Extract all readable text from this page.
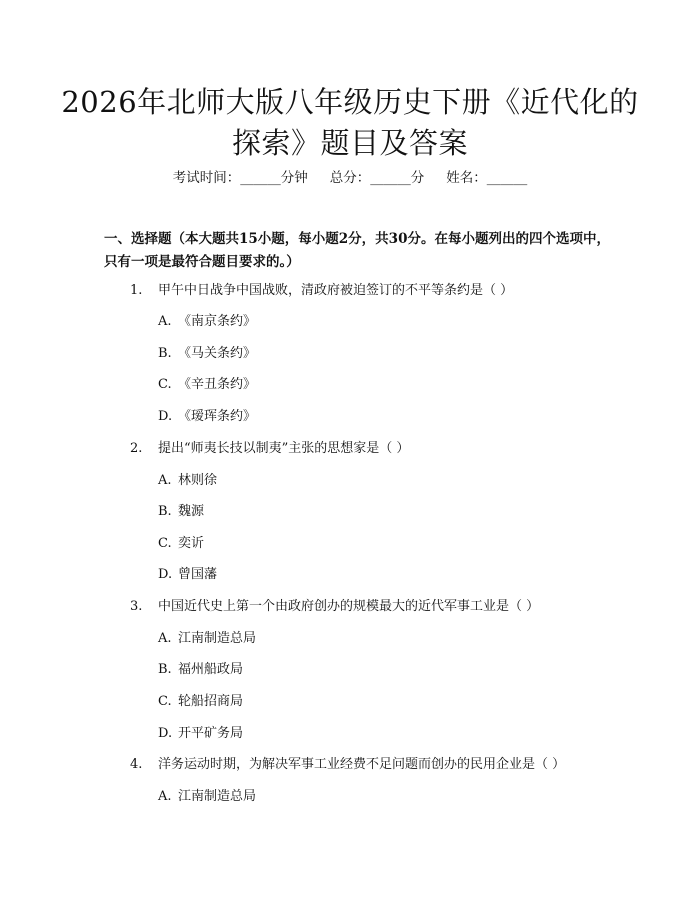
2026年北师大版八年级历史下册《近代化的探索》题目及答案
考试时间：______分钟 总分：______分 姓名：______
一、选择题（本大题共15小题，每小题2分，共30分。在每小题列出的四个选项中，只有一项是最符合题目要求的。）
1. 甲午中日战争中国战败，清政府被迫签订的不平等条约是（ ）
A. 《南京条约》
B. 《马关条约》
C. 《辛丑条约》
D. 《瑷珲条约》
2. 提出“师夷长技以制夷”主张的思想家是（ ）
A. 林则徐
B. 魏源
C. 奕䜣
D. 曾国藩
3. 中国近代史上第一个由政府创办的规模最大的近代军事工业是（ ）
A. 江南制造总局
B. 福州船政局
C. 轮船招商局
D. 开平矿务局
4. 洋务运动时期，为解决军事工业经费不足问题而创办的民用企业是（ ）
A. 江南制造总局
